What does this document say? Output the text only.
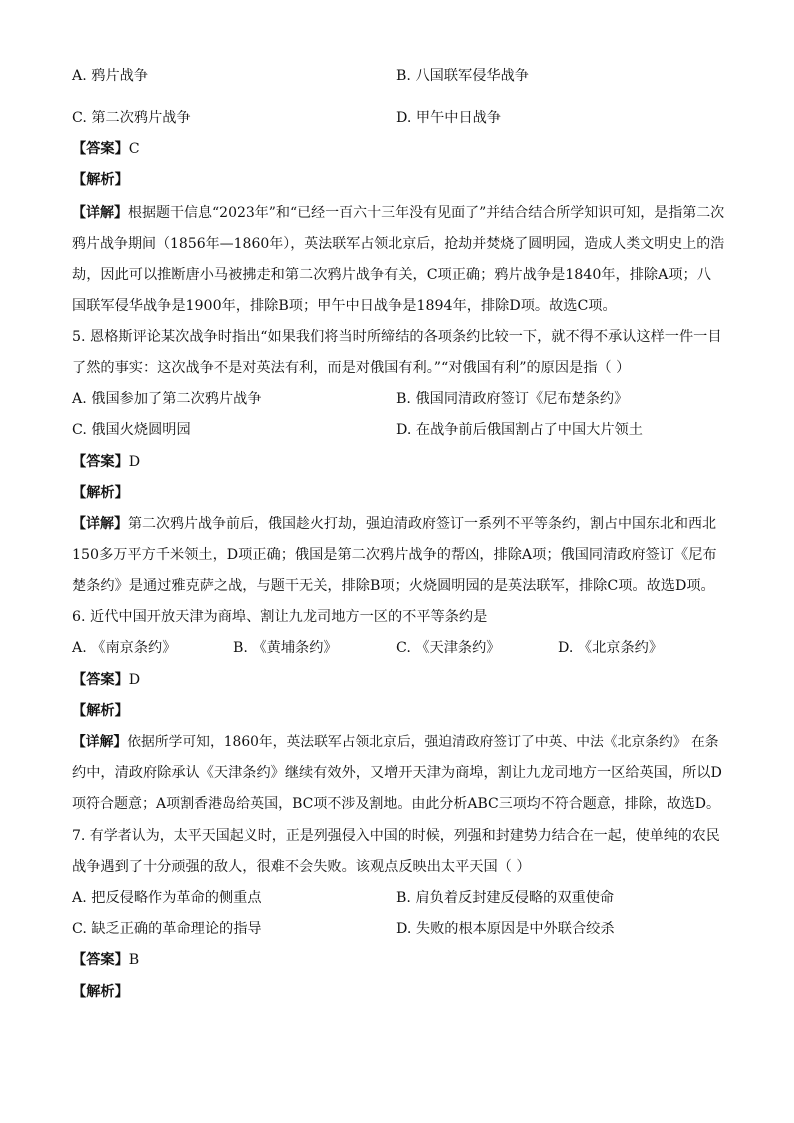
A. 鸦片战争	B. 八国联军侵华战争
C. 第二次鸦片战争	D. 甲午中日战争
【答案】C
【解析】
【详解】根据题干信息“2023年”和“已经一百六十三年没有见面了”并结合结合所学知识可知，是指第二次
鸦片战争期间（1856年—1860年），英法联军占领北京后，抢劫并焚烧了圆明园，造成人类文明史上的浩
劫，因此可以推断唐小马被拂走和第二次鸦片战争有关，C项正确；鸦片战争是1840年，排除A项；八
国联军侵华战争是1900年，排除B项；甲午中日战争是1894年，排除D项。故选C项。
5. 恩格斯评论某次战争时指出“如果我们将当时所缔结的各项条约比较一下，就不得不承认这样一件一目
了然的事实：这次战争不是对英法有利，而是对俄国有利。”“对俄国有利”的原因是指（ ）
A. 俄国参加了第二次鸦片战争	B. 俄国同清政府签订《尼布楚条约》
C. 俄国火烧圆明园	D. 在战争前后俄国割占了中国大片领土
【答案】D
【解析】
【详解】第二次鸦片战争前后，俄国趁火打劫，强迫清政府签订一系列不平等条约，割占中国东北和西北
150多万平方千米领土，D项正确；俄国是第二次鸦片战争的帮凶，排除A项；俄国同清政府签订《尼布
楚条约》是通过雅克萨之战，与题干无关，排除B项；火烧圆明园的是英法联军，排除C项。故选D项。
6. 近代中国开放天津为商埠、割让九龙司地方一区的不平等条约是
A. 《南京条约》	B. 《黄埔条约》	C. 《天津条约》	D. 《北京条约》
【答案】D
【解析】
【详解】依据所学可知，1860年，英法联军占领北京后，强迫清政府签订了中英、中法《北京条约》 在条
约中，清政府除承认《天津条约》继续有效外，又增开天津为商埠，割让九龙司地方一区给英国，所以D
项符合题意；A项割香港岛给英国，BC项不涉及割地。由此分析ABC三项均不符合题意，排除，故选D。
7. 有学者认为，太平天国起义时，正是列强侵入中国的时候，列强和封建势力结合在一起，使单纯的农民
战争遇到了十分顽强的敌人，很难不会失败。该观点反映出太平天国（ ）
A. 把反侵略作为革命的侧重点	B. 肩负着反封建反侵略的双重使命
C. 缺乏正确的革命理论的指导	D. 失败的根本原因是中外联合绞杀
【答案】B
【解析】
